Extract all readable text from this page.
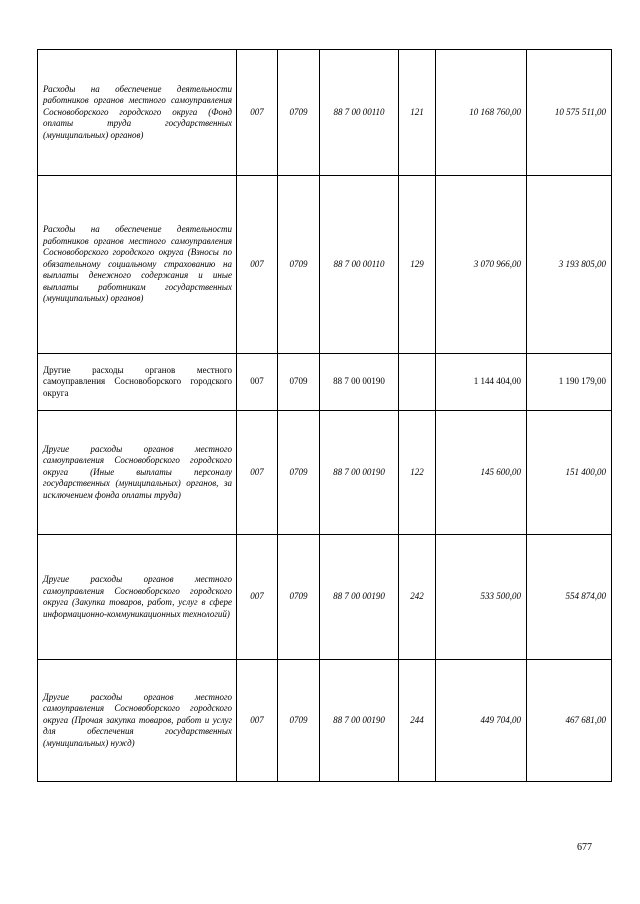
Расходы на обеспечение деятельности работников органов местного самоуправления Сосновоборского городского округа (Фонд оплаты труда государственных (муниципальных) органов)	007	0709	88 7 00 00110	121	10 168 760,00	10 575 511,00
Расходы на обеспечение деятельности работников органов местного самоуправления Сосновоборского городского округа (Взносы по обязательному социальному страхованию на выплаты денежного содержания и иные выплаты работникам государственных (муниципальных) органов)	007	0709	88 7 00 00110	129	3 070 966,00	3 193 805,00
Другие расходы органов местного самоуправления Сосновоборского городского округа	007	0709	88 7 00 00190		1 144 404,00	1 190 179,00
Другие расходы органов местного самоуправления Сосновоборского городского округа (Иные выплаты персоналу государственных (муниципальных) органов, за исключением фонда оплаты труда)	007	0709	88 7 00 00190	122	145 600,00	151 400,00
Другие расходы органов местного самоуправления Сосновоборского городского округа (Закупка товаров, работ, услуг в сфере информационно-коммуникационных технологий)	007	0709	88 7 00 00190	242	533 500,00	554 874,00
Другие расходы органов местного самоуправления Сосновоборского городского округа (Прочая закупка товаров, работ и услуг для обеспечения государственных (муниципальных) нужд)	007	0709	88 7 00 00190	244	449 704,00	467 681,00
677
